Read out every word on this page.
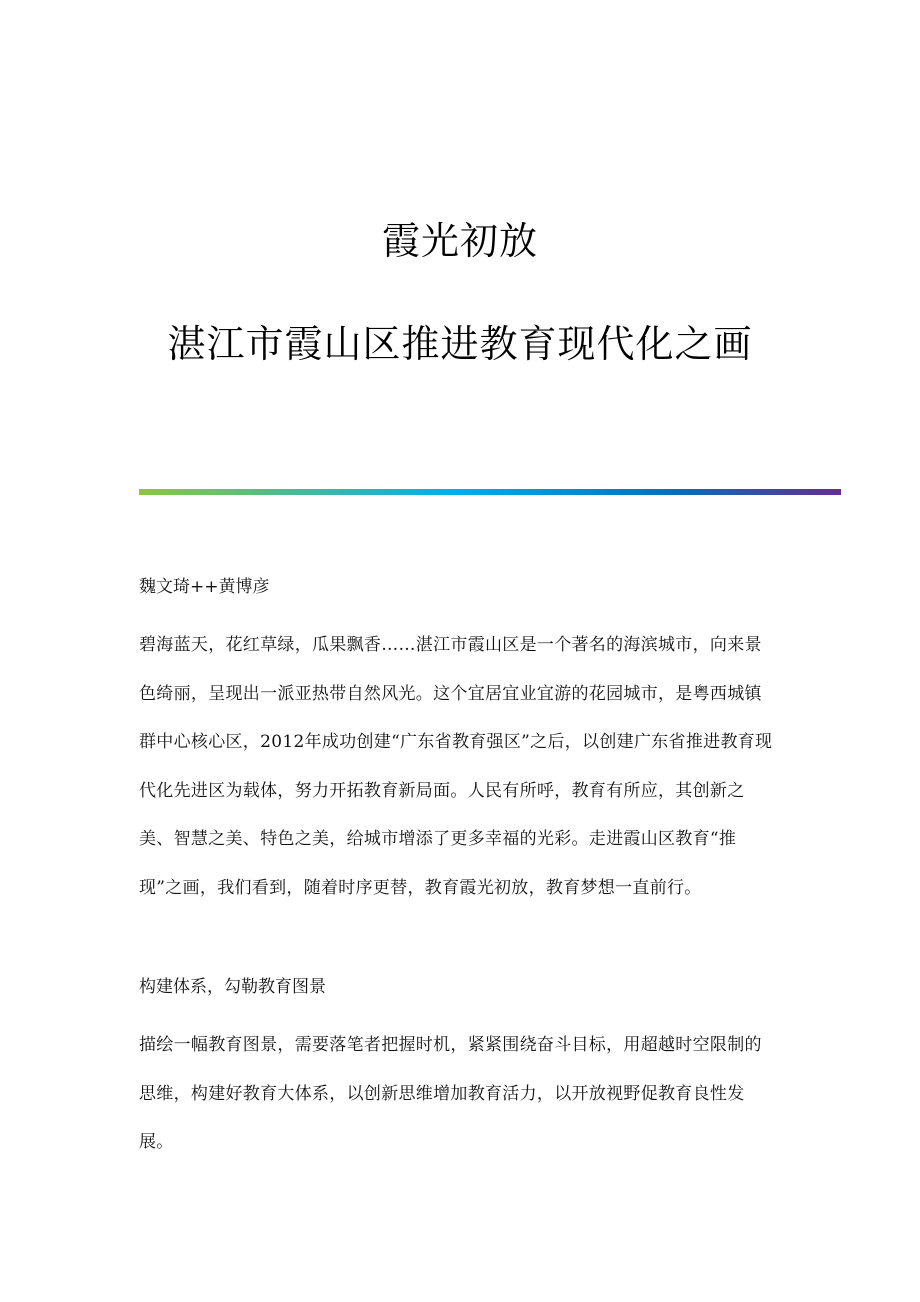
霞光初放
湛江市霞山区推进教育现代化之画

魏文琦++黄博彦

碧海蓝天，花红草绿，瓜果飘香……湛江市霞山区是一个著名的海滨城市，向来景色绮丽，呈现出一派亚热带自然风光。这个宜居宜业宜游的花园城市，是粤西城镇群中心核心区，2012年成功创建“广东省教育强区”之后，以创建广东省推进教育现代化先进区为载体，努力开拓教育新局面。人民有所呼，教育有所应，其创新之美、智慧之美、特色之美，给城市增添了更多幸福的光彩。走进霞山区教育“推现”之画，我们看到，随着时序更替，教育霞光初放，教育梦想一直前行。

构建体系，勾勒教育图景

描绘一幅教育图景，需要落笔者把握时机，紧紧围绕奋斗目标，用超越时空限制的思维，构建好教育大体系，以创新思维增加教育活力，以开放视野促教育良性发展。
